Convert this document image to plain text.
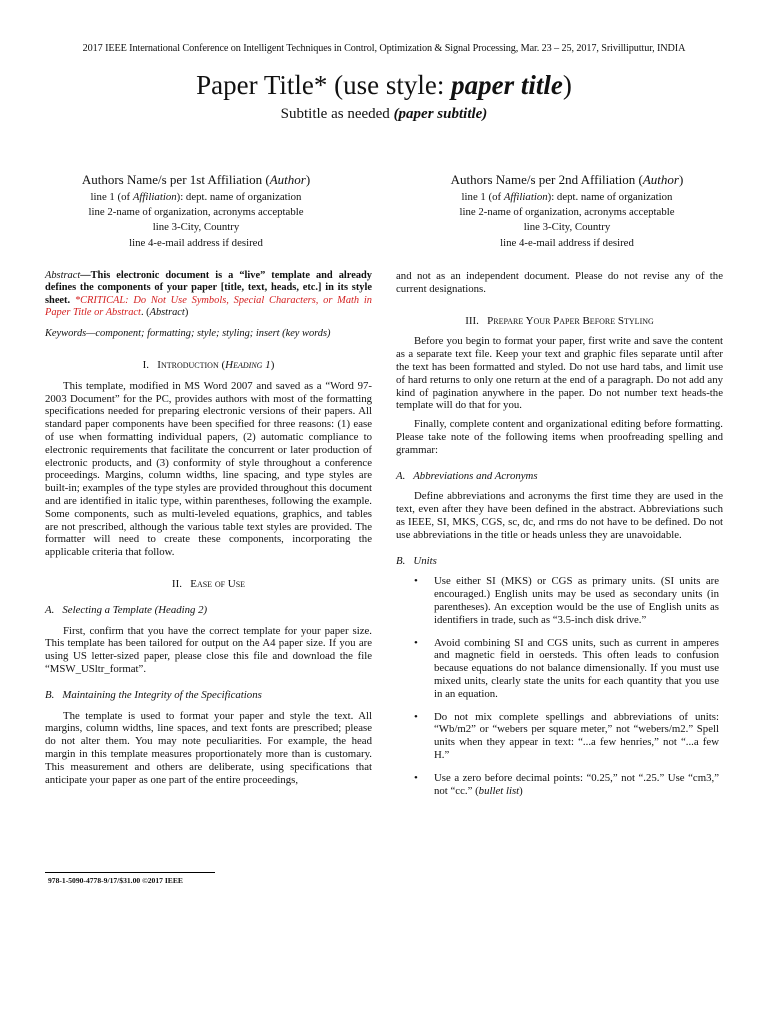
2017 IEEE International Conference on Intelligent Techniques in Control, Optimization & Signal Processing, Mar. 23 – 25, 2017, Srivilliputtur, INDIA
Paper Title* (use style: paper title)
Subtitle as needed (paper subtitle)
Authors Name/s per 1st Affiliation (Author)
line 1 (of Affiliation): dept. name of organization
line 2-name of organization, acronyms acceptable
line 3-City, Country
line 4-e-mail address if desired
Authors Name/s per 2nd Affiliation (Author)
line 1 (of Affiliation): dept. name of organization
line 2-name of organization, acronyms acceptable
line 3-City, Country
line 4-e-mail address if desired

Abstract—This electronic document is a “live” template and already defines the components of your paper [title, text, heads, etc.] in its style sheet. *CRITICAL: Do Not Use Symbols, Special Characters, or Math in Paper Title or Abstract. (Abstract)

Keywords—component; formatting; style; styling; insert (key words)

I.   Introduction (Heading 1)

This template, modified in MS Word 2007 and saved as a “Word 97-2003 Document” for the PC, provides authors with most of the formatting specifications needed for preparing electronic versions of their papers. All standard paper components have been specified for three reasons: (1) ease of use when formatting individual papers, (2) automatic compliance to electronic requirements that facilitate the concurrent or later production of electronic products, and (3) conformity of style throughout a conference proceedings. Margins, column widths, line spacing, and type styles are built-in; examples of the type styles are provided throughout this document and are identified in italic type, within parentheses, following the example. Some components, such as multi-leveled equations, graphics, and tables are not prescribed, although the various table text styles are provided. The formatter will need to create these components, incorporating the applicable criteria that follow.

II.   Ease of Use
A.   Selecting a Template (Heading 2)

First, confirm that you have the correct template for your paper size. This template has been tailored for output on the A4 paper size. If you are using US letter-sized paper, please close this file and download the file “MSW_USltr_format”.

B.   Maintaining the Integrity of the Specifications

The template is used to format your paper and style the text. All margins, column widths, line spaces, and text fonts are prescribed; please do not alter them. You may note peculiarities. For example, the head margin in this template measures proportionately more than is customary. This measurement and others are deliberate, using specifications that anticipate your paper as one part of the entire proceedings,

and not as an independent document. Please do not revise any of the current designations.

III.   Prepare Your Paper Before Styling

Before you begin to format your paper, first write and save the content as a separate text file. Keep your text and graphic files separate until after the text has been formatted and styled. Do not use hard tabs, and limit use of hard returns to only one return at the end of a paragraph. Do not add any kind of pagination anywhere in the paper. Do not number text heads-the template will do that for you.

Finally, complete content and organizational editing before formatting. Please take note of the following items when proofreading spelling and grammar:

A.   Abbreviations and Acronyms

Define abbreviations and acronyms the first time they are used in the text, even after they have been defined in the abstract. Abbreviations such as IEEE, SI, MKS, CGS, sc, dc, and rms do not have to be defined. Do not use abbreviations in the title or heads unless they are unavoidable.

B.   Units
• Use either SI (MKS) or CGS as primary units. (SI units are encouraged.) English units may be used as secondary units (in parentheses). An exception would be the use of English units as identifiers in trade, such as “3.5-inch disk drive.”
• Avoid combining SI and CGS units, such as current in amperes and magnetic field in oersteds. This often leads to confusion because equations do not balance dimensionally. If you must use mixed units, clearly state the units for each quantity that you use in an equation.
• Do not mix complete spellings and abbreviations of units: “Wb/m2” or “webers per square meter,” not “webers/m2.” Spell units when they appear in text: “...a few henries,” not “...a few H.”
• Use a zero before decimal points: “0.25,” not “.25.” Use “cm3,” not “cc.” (bullet list)
978-1-5090-4778-9/17/$31.00 ©2017 IEEE
